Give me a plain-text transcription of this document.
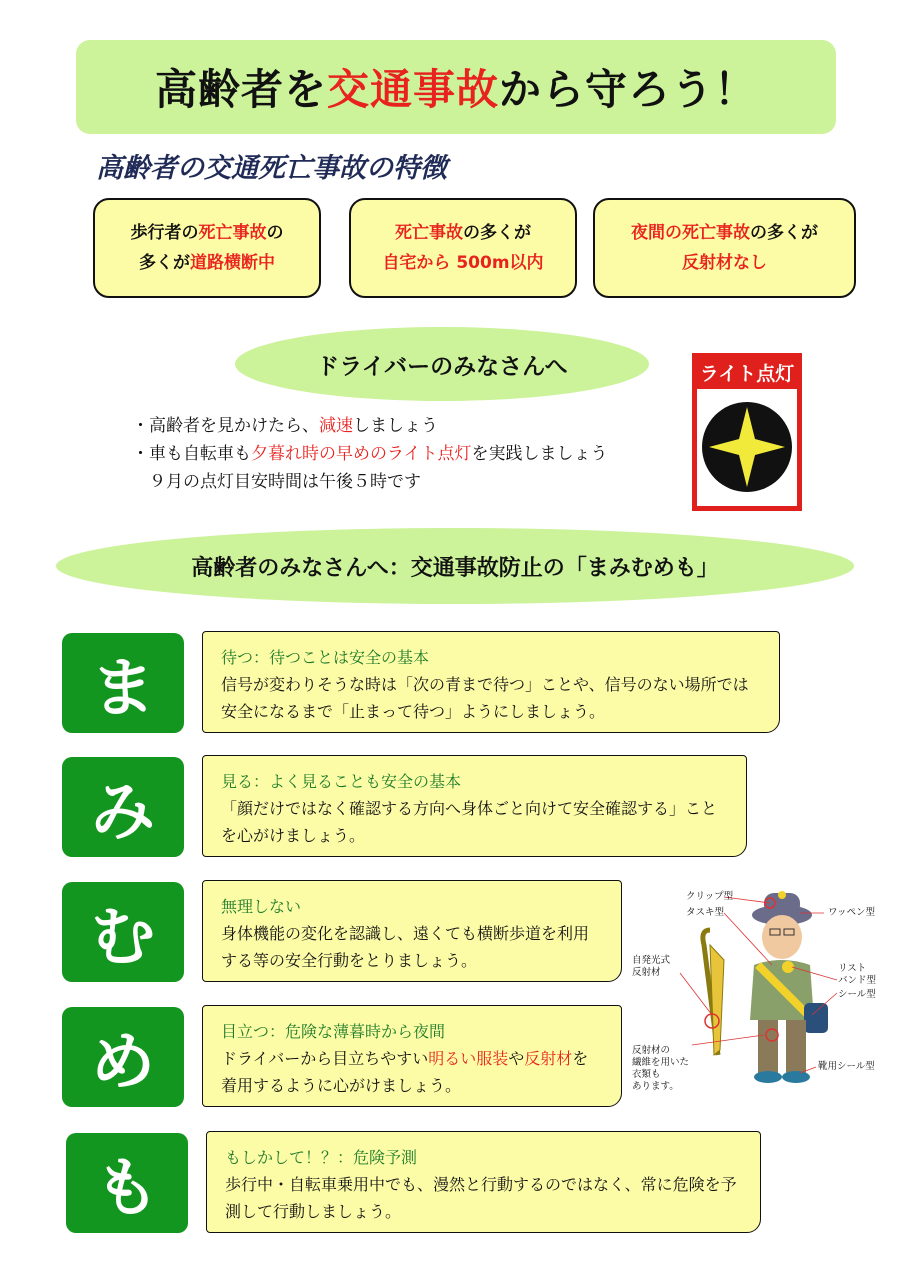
高齢者を交通事故から守ろう！
高齢者の交通死亡事故の特徴
歩行者の死亡事故の
多くが道路横断中
死亡事故の多くが
自宅から 500m以内
夜間の死亡事故の多くが
反射材なし
ドライバーのみなさんへ
・高齢者を見かけたら、減速しましょう
・車も自転車も夕暮れ時の早めのライト点灯を実践しましょう
９月の点灯目安時間は午後５時です
ライト点灯
高齢者のみなさんへ：交通事故防止の「まみむめも」
ま	待つ：待つことは安全の基本
信号が変わりそうな時は「次の青まで待つ」ことや、信号のない場所では
安全になるまで「止まって待つ」ようにしましょう。
み	見る：よく見ることも安全の基本
「顔だけではなく確認する方向へ身体ごと向けて安全確認する」こと
を心がけましょう。
む	無理しない
身体機能の変化を認識し、遠くても横断歩道を利用
する等の安全行動をとりましょう。
め	目立つ：危険な薄暮時から夜間
ドライバーから目立ちやすい明るい服装や反射材を
着用するように心がけましょう。
も	もしかして！？：危険予測
歩行中・自転車乗用中でも、漫然と行動するのではなく、常に危険を予
測して行動しましょう。
クリップ型
タスキ型	ワッペン型
自発光式
反射材	リスト
バンド型
シール型
反射材の
繊維を用いた
衣類も
あります。
靴用シール型
